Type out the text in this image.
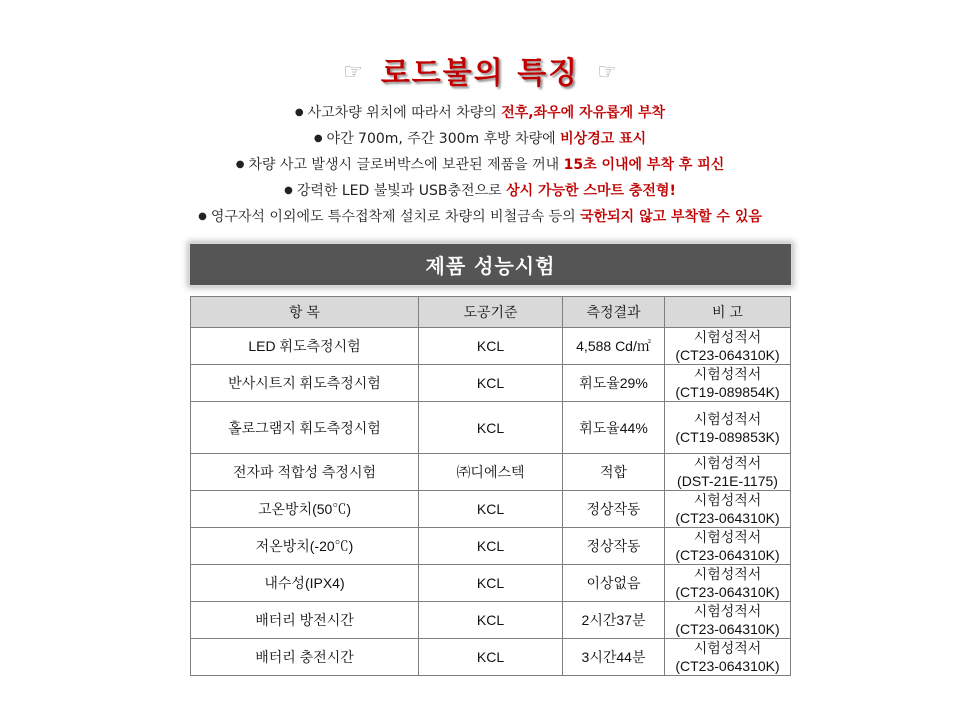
☞ 로드불의 특징 ☞
● 사고차량 위치에 따라서 차량의 전후,좌우에 자유롭게 부착
● 야간 700m, 주간 300m 후방 차량에 비상경고 표시
● 차량 사고 발생시 글로버박스에 보관된 제품을 꺼내 15초 이내에 부착 후 피신
● 강력한 LED 불빛과 USB충전으로 상시 가능한 스마트 충전형!
● 영구자석 이외에도 특수접착제 설치로 차량의 비철금속 등의 국한되지 않고 부착할 수 있음
제품 성능시험
항 목	도공기준	측정결과	비 고
LED 휘도측정시험	KCL	4,588 Cd/㎡	시험성적서
(CT23-064310K)

반사시트지 휘도측정시험	KCL	휘도율29%	시험성적서
(CT19-089854K)

홀로그램지 휘도측정시험	KCL	휘도율44%	시험성적서
(CT19-089853K)

전자파 적합성 측정시험	㈜디에스텍	적합	시험성적서
(DST-21E-1175)

고온방치(50℃)	KCL	정상작동	시험성적서
(CT23-064310K)

저온방치(-20℃)	KCL	정상작동	시험성적서
(CT23-064310K)

내수성(IPX4)	KCL	이상없음	시험성적서
(CT23-064310K)

배터리 방전시간	KCL	2시간37분	시험성적서
(CT23-064310K)

배터리 충전시간	KCL	3시간44분	시험성적서
(CT23-064310K)
